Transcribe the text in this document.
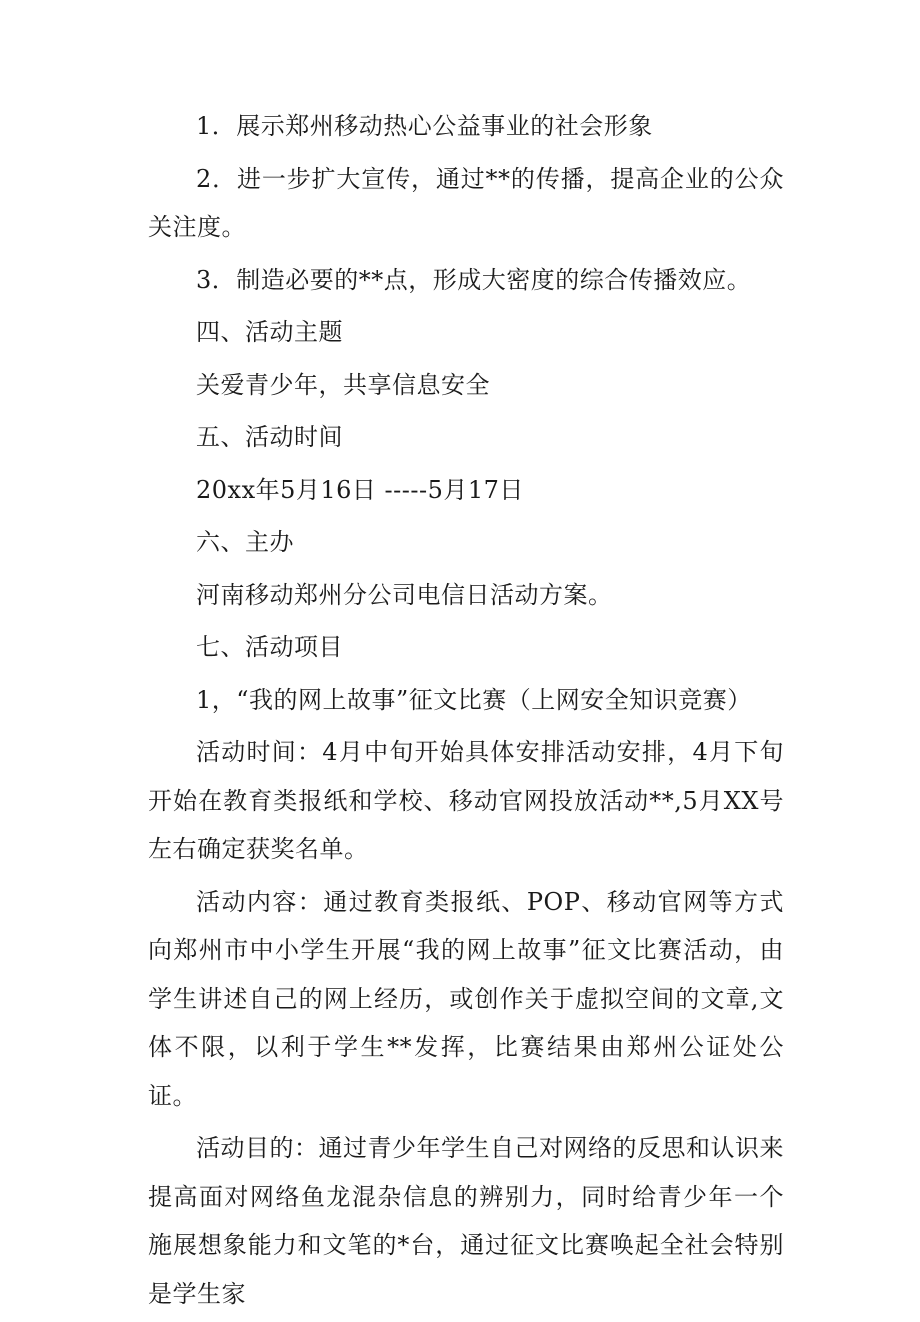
1．展示郑州移动热心公益事业的社会形象

2．进一步扩大宣传，通过**的传播，提高企业的公众关注度。

3．制造必要的**点，形成大密度的综合传播效应。

四、活动主题

关爱青少年，共享信息安全

五、活动时间

20xx年5月16日 -----5月17日

六、主办

河南移动郑州分公司电信日活动方案。

七、活动项目

1，“我的网上故事”征文比赛（上网安全知识竞赛）

活动时间：4月中旬开始具体安排活动安排，4月下旬开始在教育类报纸和学校、移动官网投放活动**,5月XX号左右确定获奖名单。

活动内容：通过教育类报纸、POP、移动官网等方式向郑州市中小学生开展“我的网上故事”征文比赛活动，由学生讲述自己的网上经历，或创作关于虚拟空间的文章,文体不限，以利于学生**发挥，比赛结果由郑州公证处公证。

活动目的：通过青少年学生自己对网络的反思和认识来提高面对网络鱼龙混杂信息的辨别力，同时给青少年一个施展想象能力和文笔的*台，通过征文比赛唤起全社会特别是学生家
